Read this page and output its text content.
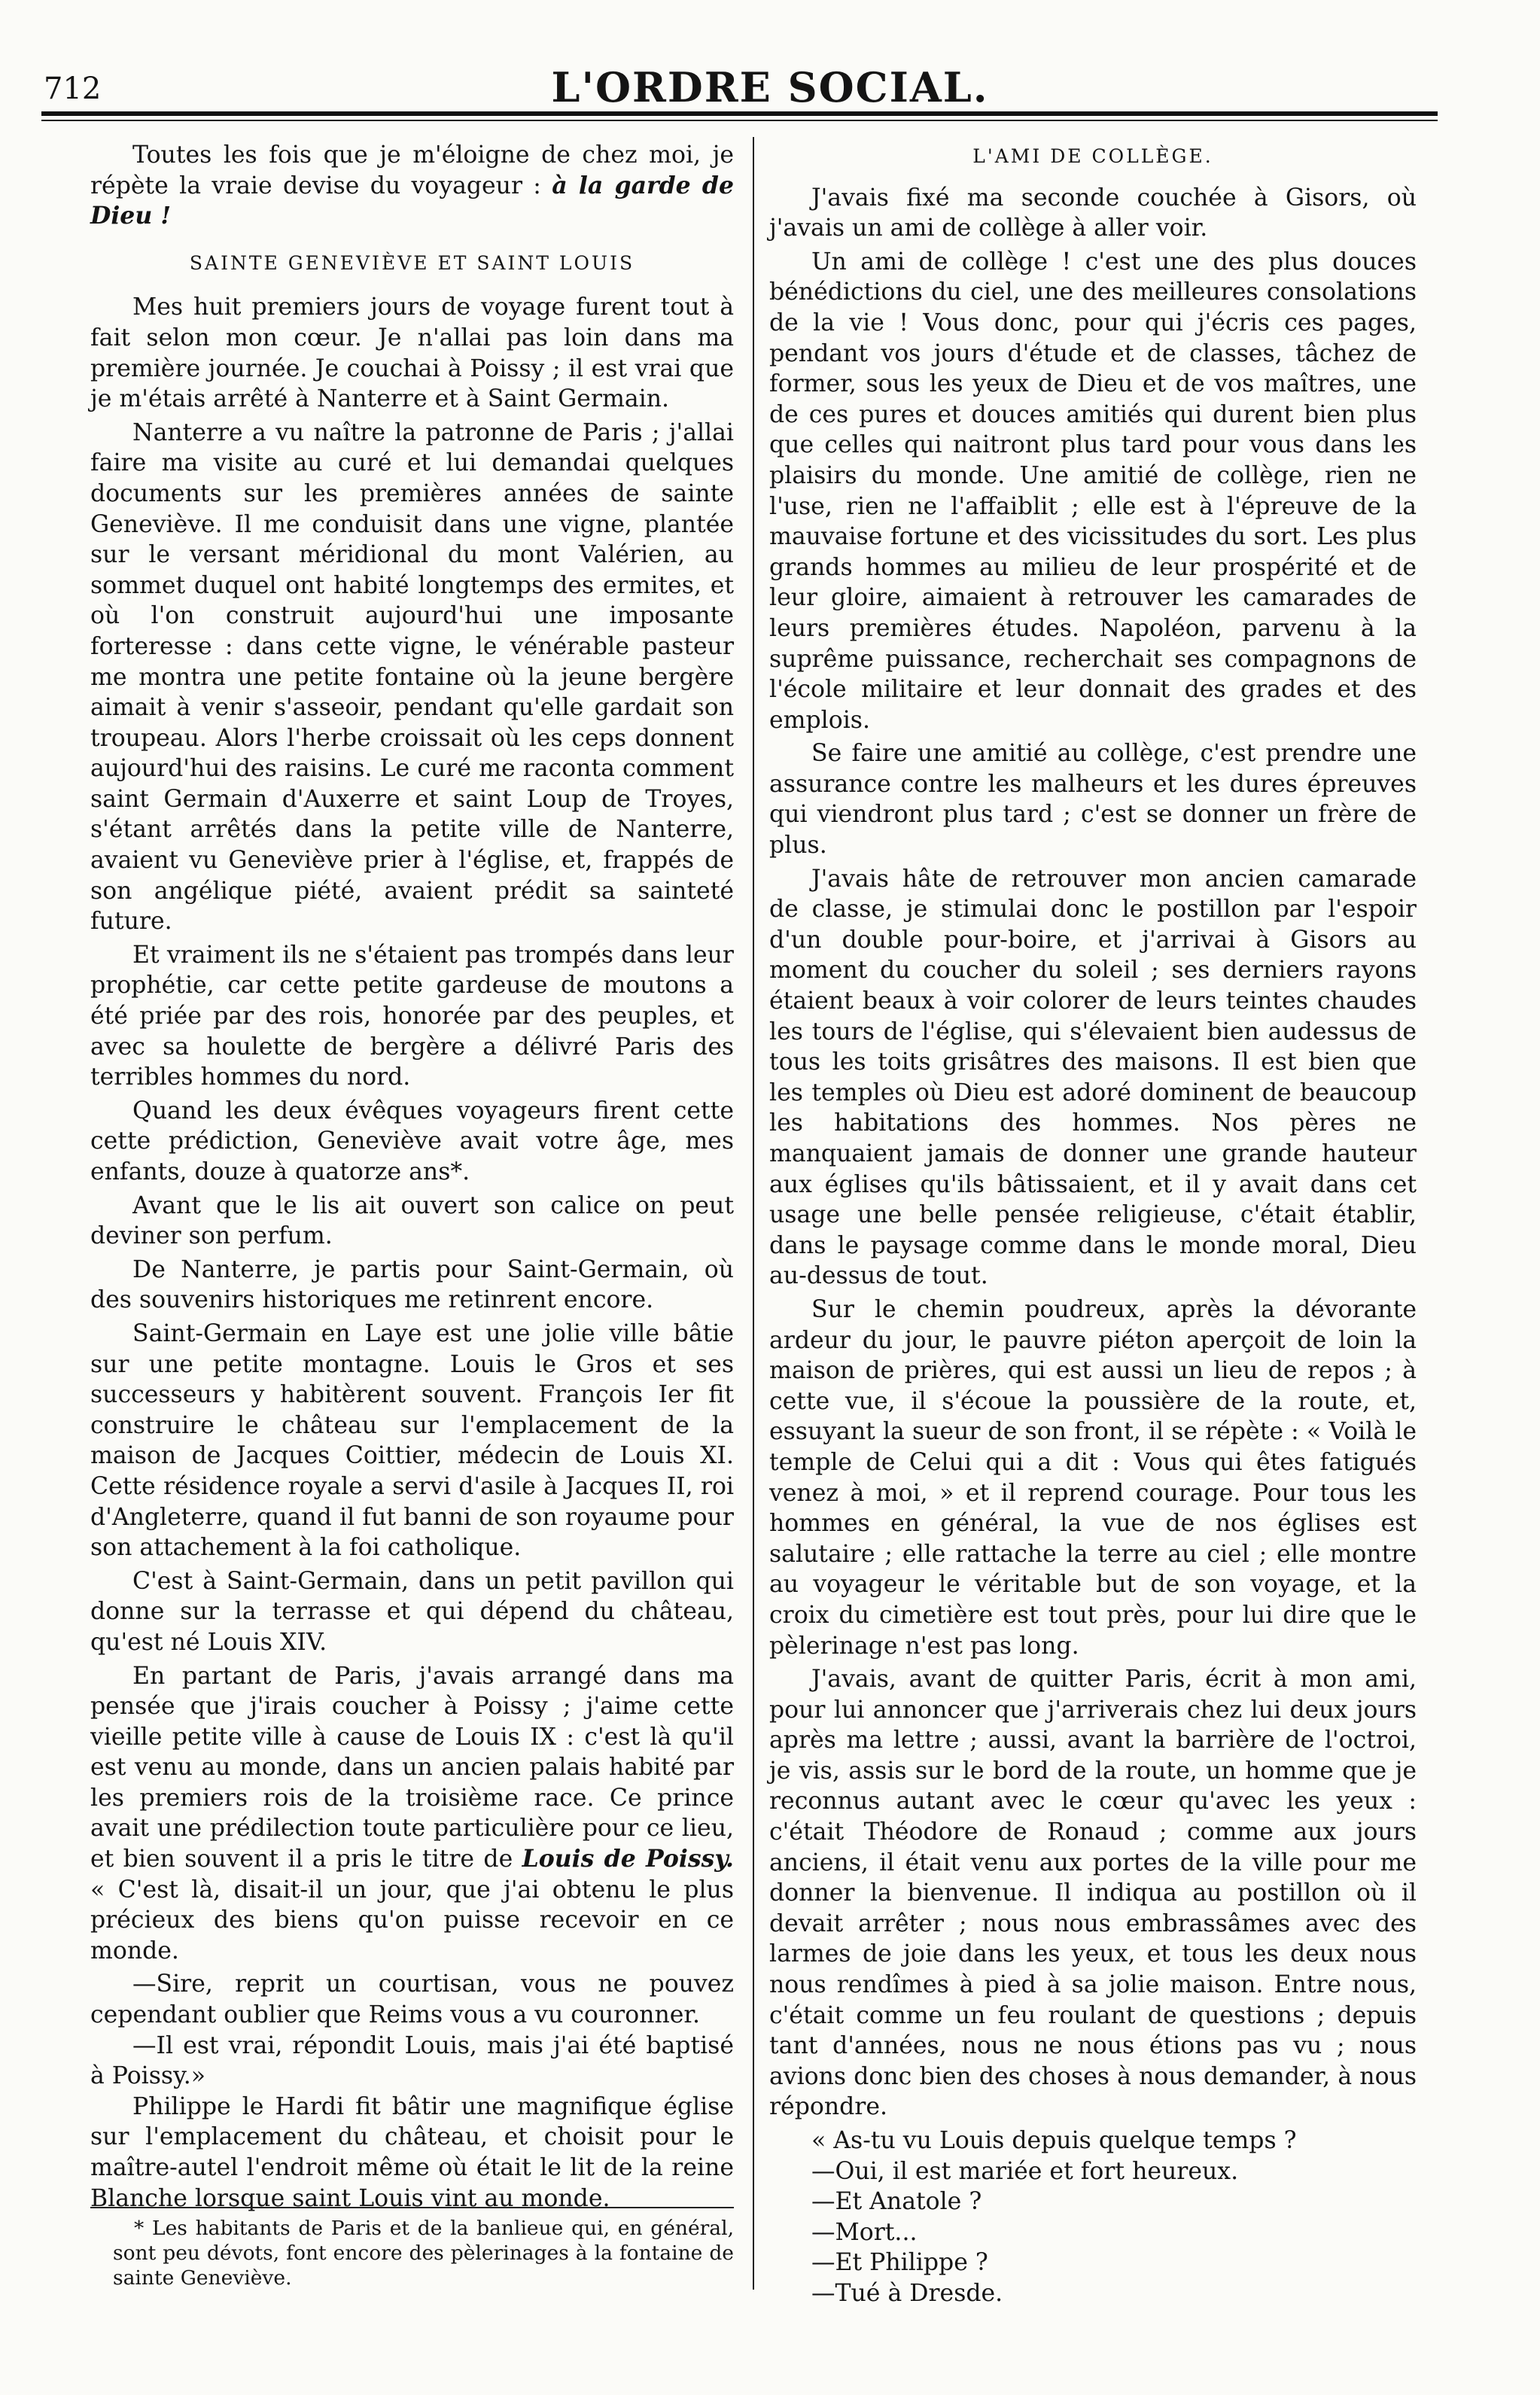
712	L'ORDRE SOCIAL.

Toutes les fois que je m'éloigne de chez moi, je répète la vraie devise du voyageur : à la garde de Dieu !

SAINTE GENEVIÈVE ET SAINT LOUIS

Mes huit premiers jours de voyage furent tout à fait selon mon cœur. Je n'allai pas loin dans ma première journée. Je couchai à Poissy ; il est vrai que je m'étais arrêté à Nanterre et à Saint Germain.

Nanterre a vu naître la patronne de Paris ; j'allai faire ma visite au curé et lui demandai quelques documents sur les premières années de sainte Geneviève. Il me conduisit dans une vigne, plantée sur le versant méridional du mont Valérien, au sommet duquel ont habité longtemps des ermites, et où l'on construit aujourd'hui une imposante forteresse : dans cette vigne, le vénérable pasteur me montra une petite fontaine où la jeune bergère aimait à venir s'asseoir, pendant qu'elle gardait son troupeau. Alors l'herbe croissait où les ceps donnent aujourd'hui des raisins. Le curé me raconta comment saint Germain d'Auxerre et saint Loup de Troyes, s'étant arrêtés dans la petite ville de Nanterre, avaient vu Geneviève prier à l'église, et, frappés de son angélique piété, avaient prédit sa sainteté future.

Et vraiment ils ne s'étaient pas trompés dans leur prophétie, car cette petite gardeuse de moutons a été priée par des rois, honorée par des peuples, et avec sa houlette de bergère a délivré Paris des terribles hommes du nord.

Quand les deux évêques voyageurs firent cette cette prédiction, Geneviève avait votre âge, mes enfants, douze à quatorze ans*.

Avant que le lis ait ouvert son calice on peut deviner son perfum.

De Nanterre, je partis pour Saint-Germain, où des souvenirs historiques me retinrent encore.

Saint-Germain en Laye est une jolie ville bâtie sur une petite montagne. Louis le Gros et ses successeurs y habitèrent souvent. François Ier fit construire le château sur l'emplacement de la maison de Jacques Coittier, médecin de Louis XI. Cette résidence royale a servi d'asile à Jacques II, roi d'Angleterre, quand il fut banni de son royaume pour son attachement à la foi catholique.

C'est à Saint-Germain, dans un petit pavillon qui donne sur la terrasse et qui dépend du château, qu'est né Louis XIV.

En partant de Paris, j'avais arrangé dans ma pensée que j'irais coucher à Poissy ; j'aime cette vieille petite ville à cause de Louis IX : c'est là qu'il est venu au monde, dans un ancien palais habité par les premiers rois de la troisième race. Ce prince avait une prédilection toute particulière pour ce lieu, et bien souvent il a pris le titre de Louis de Poissy. « C'est là, disait-il un jour, que j'ai obtenu le plus précieux des biens qu'on puisse recevoir en ce monde.

—Sire, reprit un courtisan, vous ne pouvez cependant oublier que Reims vous a vu couronner.

—Il est vrai, répondit Louis, mais j'ai été baptisé à Poissy.»

Philippe le Hardi fit bâtir une magnifique église sur l'emplacement du château, et choisit pour le maître-autel l'endroit même où était le lit de la reine Blanche lorsque saint Louis vint au monde.

* Les habitants de Paris et de la banlieue qui, en général, sont peu dévots, font encore des pèlerinages à la fontaine de sainte Geneviève.
L'AMI DE COLLÈGE.

J'avais fixé ma seconde couchée à Gisors, où j'avais un ami de collège à aller voir.

Un ami de collège ! c'est une des plus douces bénédictions du ciel, une des meilleures consolations de la vie ! Vous donc, pour qui j'écris ces pages, pendant vos jours d'étude et de classes, tâchez de former, sous les yeux de Dieu et de vos maîtres, une de ces pures et douces amitiés qui durent bien plus que celles qui naitront plus tard pour vous dans les plaisirs du monde. Une amitié de collège, rien ne l'use, rien ne l'affaiblit ; elle est à l'épreuve de la mauvaise fortune et des vicissitudes du sort. Les plus grands hommes au milieu de leur prospérité et de leur gloire, aimaient à retrouver les camarades de leurs premières études. Napoléon, parvenu à la suprême puissance, recherchait ses compagnons de l'école militaire et leur donnait des grades et des emplois.

Se faire une amitié au collège, c'est prendre une assurance contre les malheurs et les dures épreuves qui viendront plus tard ; c'est se donner un frère de plus.

J'avais hâte de retrouver mon ancien camarade de classe, je stimulai donc le postillon par l'espoir d'un double pour-boire, et j'arrivai à Gisors au moment du coucher du soleil ; ses derniers rayons étaient beaux à voir colorer de leurs teintes chaudes les tours de l'église, qui s'élevaient bien audessus de tous les toits grisâtres des maisons. Il est bien que les temples où Dieu est adoré dominent de beaucoup les habitations des hommes. Nos pères ne manquaient jamais de donner une grande hauteur aux églises qu'ils bâtissaient, et il y avait dans cet usage une belle pensée religieuse, c'était établir, dans le paysage comme dans le monde moral, Dieu au-dessus de tout.

Sur le chemin poudreux, après la dévorante ardeur du jour, le pauvre piéton aperçoit de loin la maison de prières, qui est aussi un lieu de repos ; à cette vue, il s'écoue la poussière de la route, et, essuyant la sueur de son front, il se répète : « Voilà le temple de Celui qui a dit : Vous qui êtes fatigués venez à moi, » et il reprend courage. Pour tous les hommes en général, la vue de nos églises est salutaire ; elle rattache la terre au ciel ; elle montre au voyageur le véritable but de son voyage, et la croix du cimetière est tout près, pour lui dire que le pèlerinage n'est pas long.

J'avais, avant de quitter Paris, écrit à mon ami, pour lui annoncer que j'arriverais chez lui deux jours après ma lettre ; aussi, avant la barrière de l'octroi, je vis, assis sur le bord de la route, un homme que je reconnus autant avec le cœur qu'avec les yeux : c'était Théodore de Ronaud ; comme aux jours anciens, il était venu aux portes de la ville pour me donner la bienvenue. Il indiqua au postillon où il devait arrêter ; nous nous embrassâmes avec des larmes de joie dans les yeux, et tous les deux nous nous rendîmes à pied à sa jolie maison. Entre nous, c'était comme un feu roulant de questions ; depuis tant d'années, nous ne nous étions pas vu ; nous avions donc bien des choses à nous demander, à nous répondre.

« As-tu vu Louis depuis quelque temps ?

—Oui, il est mariée et fort heureux.

—Et Anatole ?

—Mort...

—Et Philippe ?

—Tué à Dresde.
